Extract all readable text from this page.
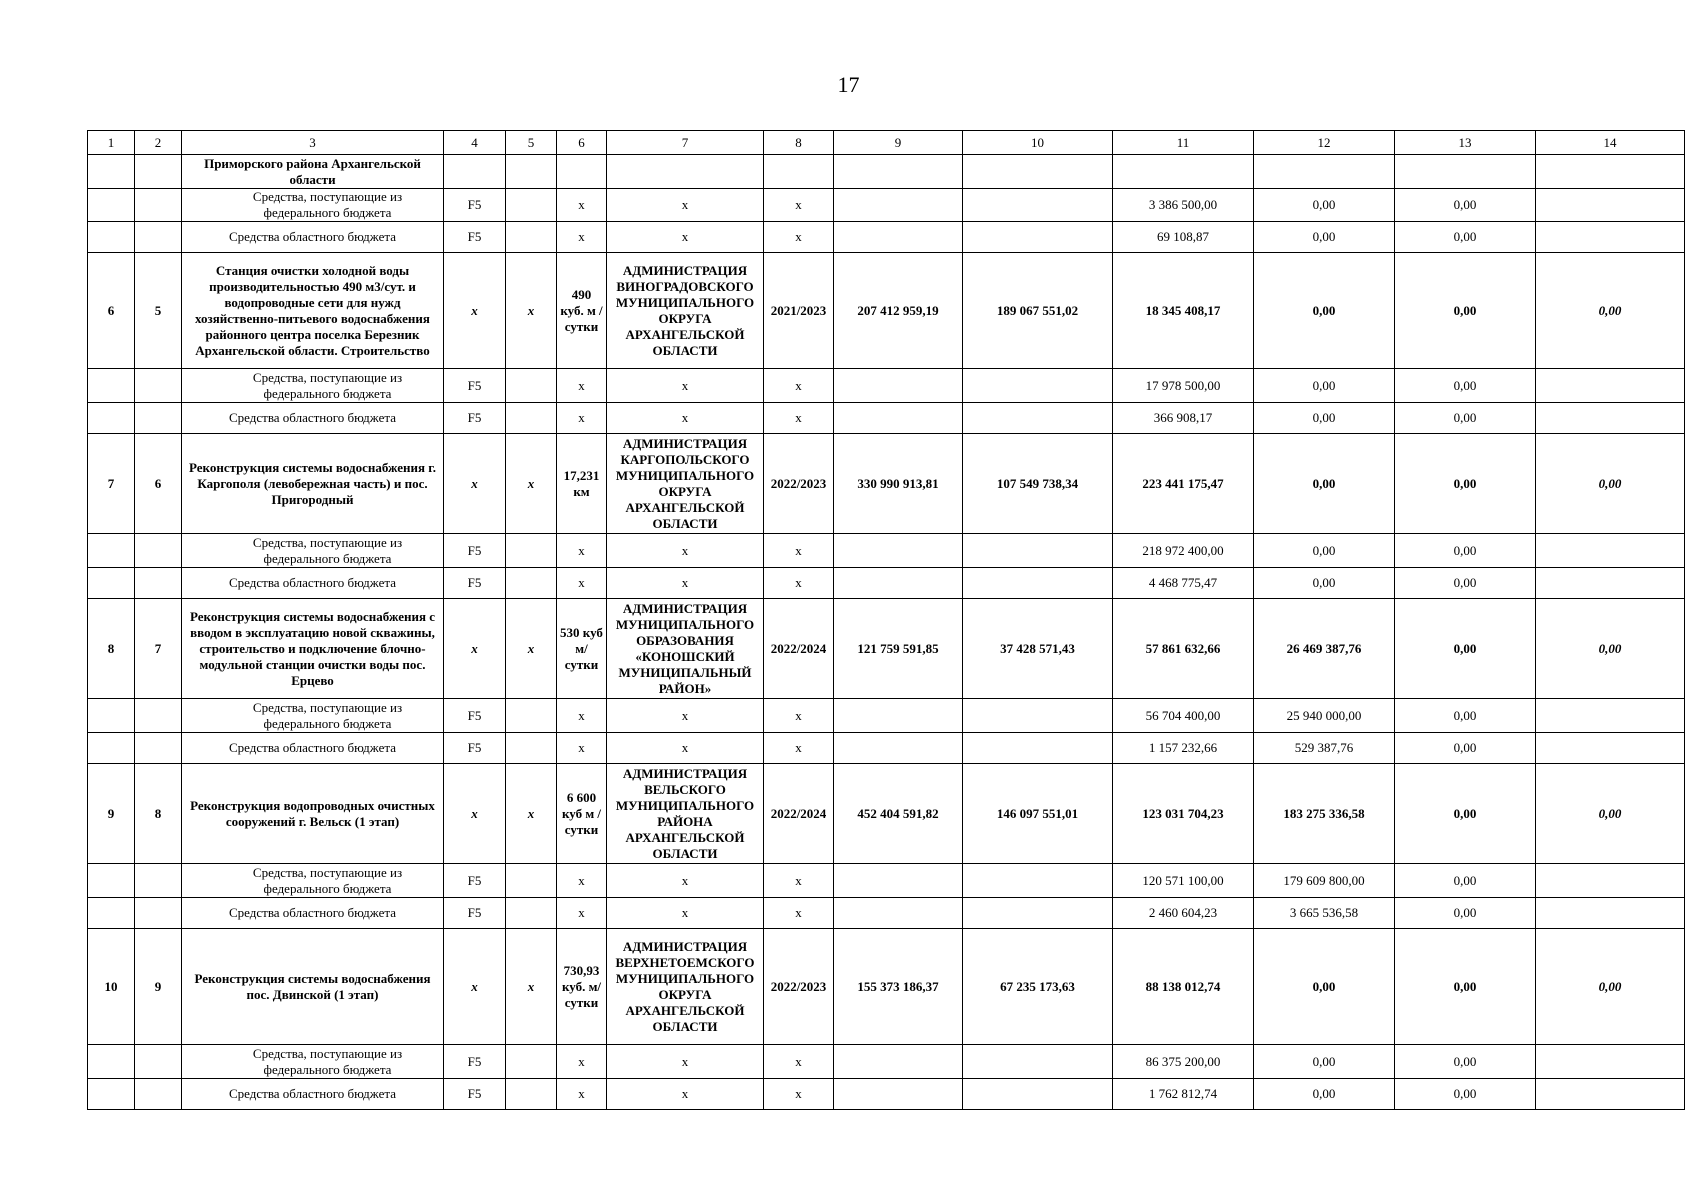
17
1	2	3	4	5	6	7	8	9	10	11	12	13	14
		Приморского района Архангельской области											

		Средства, поступающие из федерального бюджета	F5		х	х	х			3 386 500,00	0,00	0,00	
		Средства областного бюджета	F5		х	х	х			69 108,87	0,00	0,00	
6	5	Станция очистки холодной воды производительностью 490 м3/сут. и водопроводные сети для нужд хозяйственно-питьевого водоснабжения районного центра поселка Березник Архангельской области. Строительство	х	х	490 куб. м / сутки	АДМИНИСТРАЦИЯ ВИНОГРАДОВСКОГО МУНИЦИПАЛЬНОГО ОКРУГА АРХАНГЕЛЬСКОЙ ОБЛАСТИ	2021/2023	207 412 959,19	189 067 551,02	18 345 408,17	0,00	0,00	0,00

		Средства, поступающие из федерального бюджета	F5		х	х	х			17 978 500,00	0,00	0,00	
		Средства областного бюджета	F5		х	х	х			366 908,17	0,00	0,00	
7	6	Реконструкция системы водоснабжения г. Каргополя (левобережная часть) и пос. Пригородный	х	х	17,231 км	АДМИНИСТРАЦИЯ КАРГОПОЛЬСКОГО МУНИЦИПАЛЬНОГО ОКРУГА АРХАНГЕЛЬСКОЙ ОБЛАСТИ	2022/2023	330 990 913,81	107 549 738,34	223 441 175,47	0,00	0,00	0,00

		Средства, поступающие из федерального бюджета	F5		х	х	х			218 972 400,00	0,00	0,00	
		Средства областного бюджета	F5		х	х	х			4 468 775,47	0,00	0,00	
8	7	Реконструкция системы водоснабжения с вводом в эксплуатацию новой скважины, строительство и подключение блочно-модульной станции очистки воды пос. Ерцево	х	х	530 куб м/сутки	АДМИНИСТРАЦИЯ МУНИЦИПАЛЬНОГО ОБРАЗОВАНИЯ «КОНОШСКИЙ МУНИЦИПАЛЬНЫЙ РАЙОН»	2022/2024	121 759 591,85	37 428 571,43	57 861 632,66	26 469 387,76	0,00	0,00

		Средства, поступающие из федерального бюджета	F5		х	х	х			56 704 400,00	25 940 000,00	0,00	
		Средства областного бюджета	F5		х	х	х			1 157 232,66	529 387,76	0,00	
9	8	Реконструкция водопроводных очистных сооружений г. Вельск (1 этап)	х	х	6 600 куб м / сутки	АДМИНИСТРАЦИЯ ВЕЛЬСКОГО МУНИЦИПАЛЬНОГО РАЙОНА АРХАНГЕЛЬСКОЙ ОБЛАСТИ	2022/2024	452 404 591,82	146 097 551,01	123 031 704,23	183 275 336,58	0,00	0,00

		Средства, поступающие из федерального бюджета	F5		х	х	х			120 571 100,00	179 609 800,00	0,00	
		Средства областного бюджета	F5		х	х	х			2 460 604,23	3 665 536,58	0,00	
10	9	Реконструкция системы водоснабжения пос. Двинской (1 этап)	х	х	730,93 куб. м/сутки	АДМИНИСТРАЦИЯ ВЕРХНЕТОЕМСКОГО МУНИЦИПАЛЬНОГО ОКРУГА АРХАНГЕЛЬСКОЙ ОБЛАСТИ	2022/2023	155 373 186,37	67 235 173,63	88 138 012,74	0,00	0,00	0,00

		Средства, поступающие из федерального бюджета	F5		х	х	х			86 375 200,00	0,00	0,00	
		Средства областного бюджета	F5		х	х	х			1 762 812,74	0,00	0,00	
